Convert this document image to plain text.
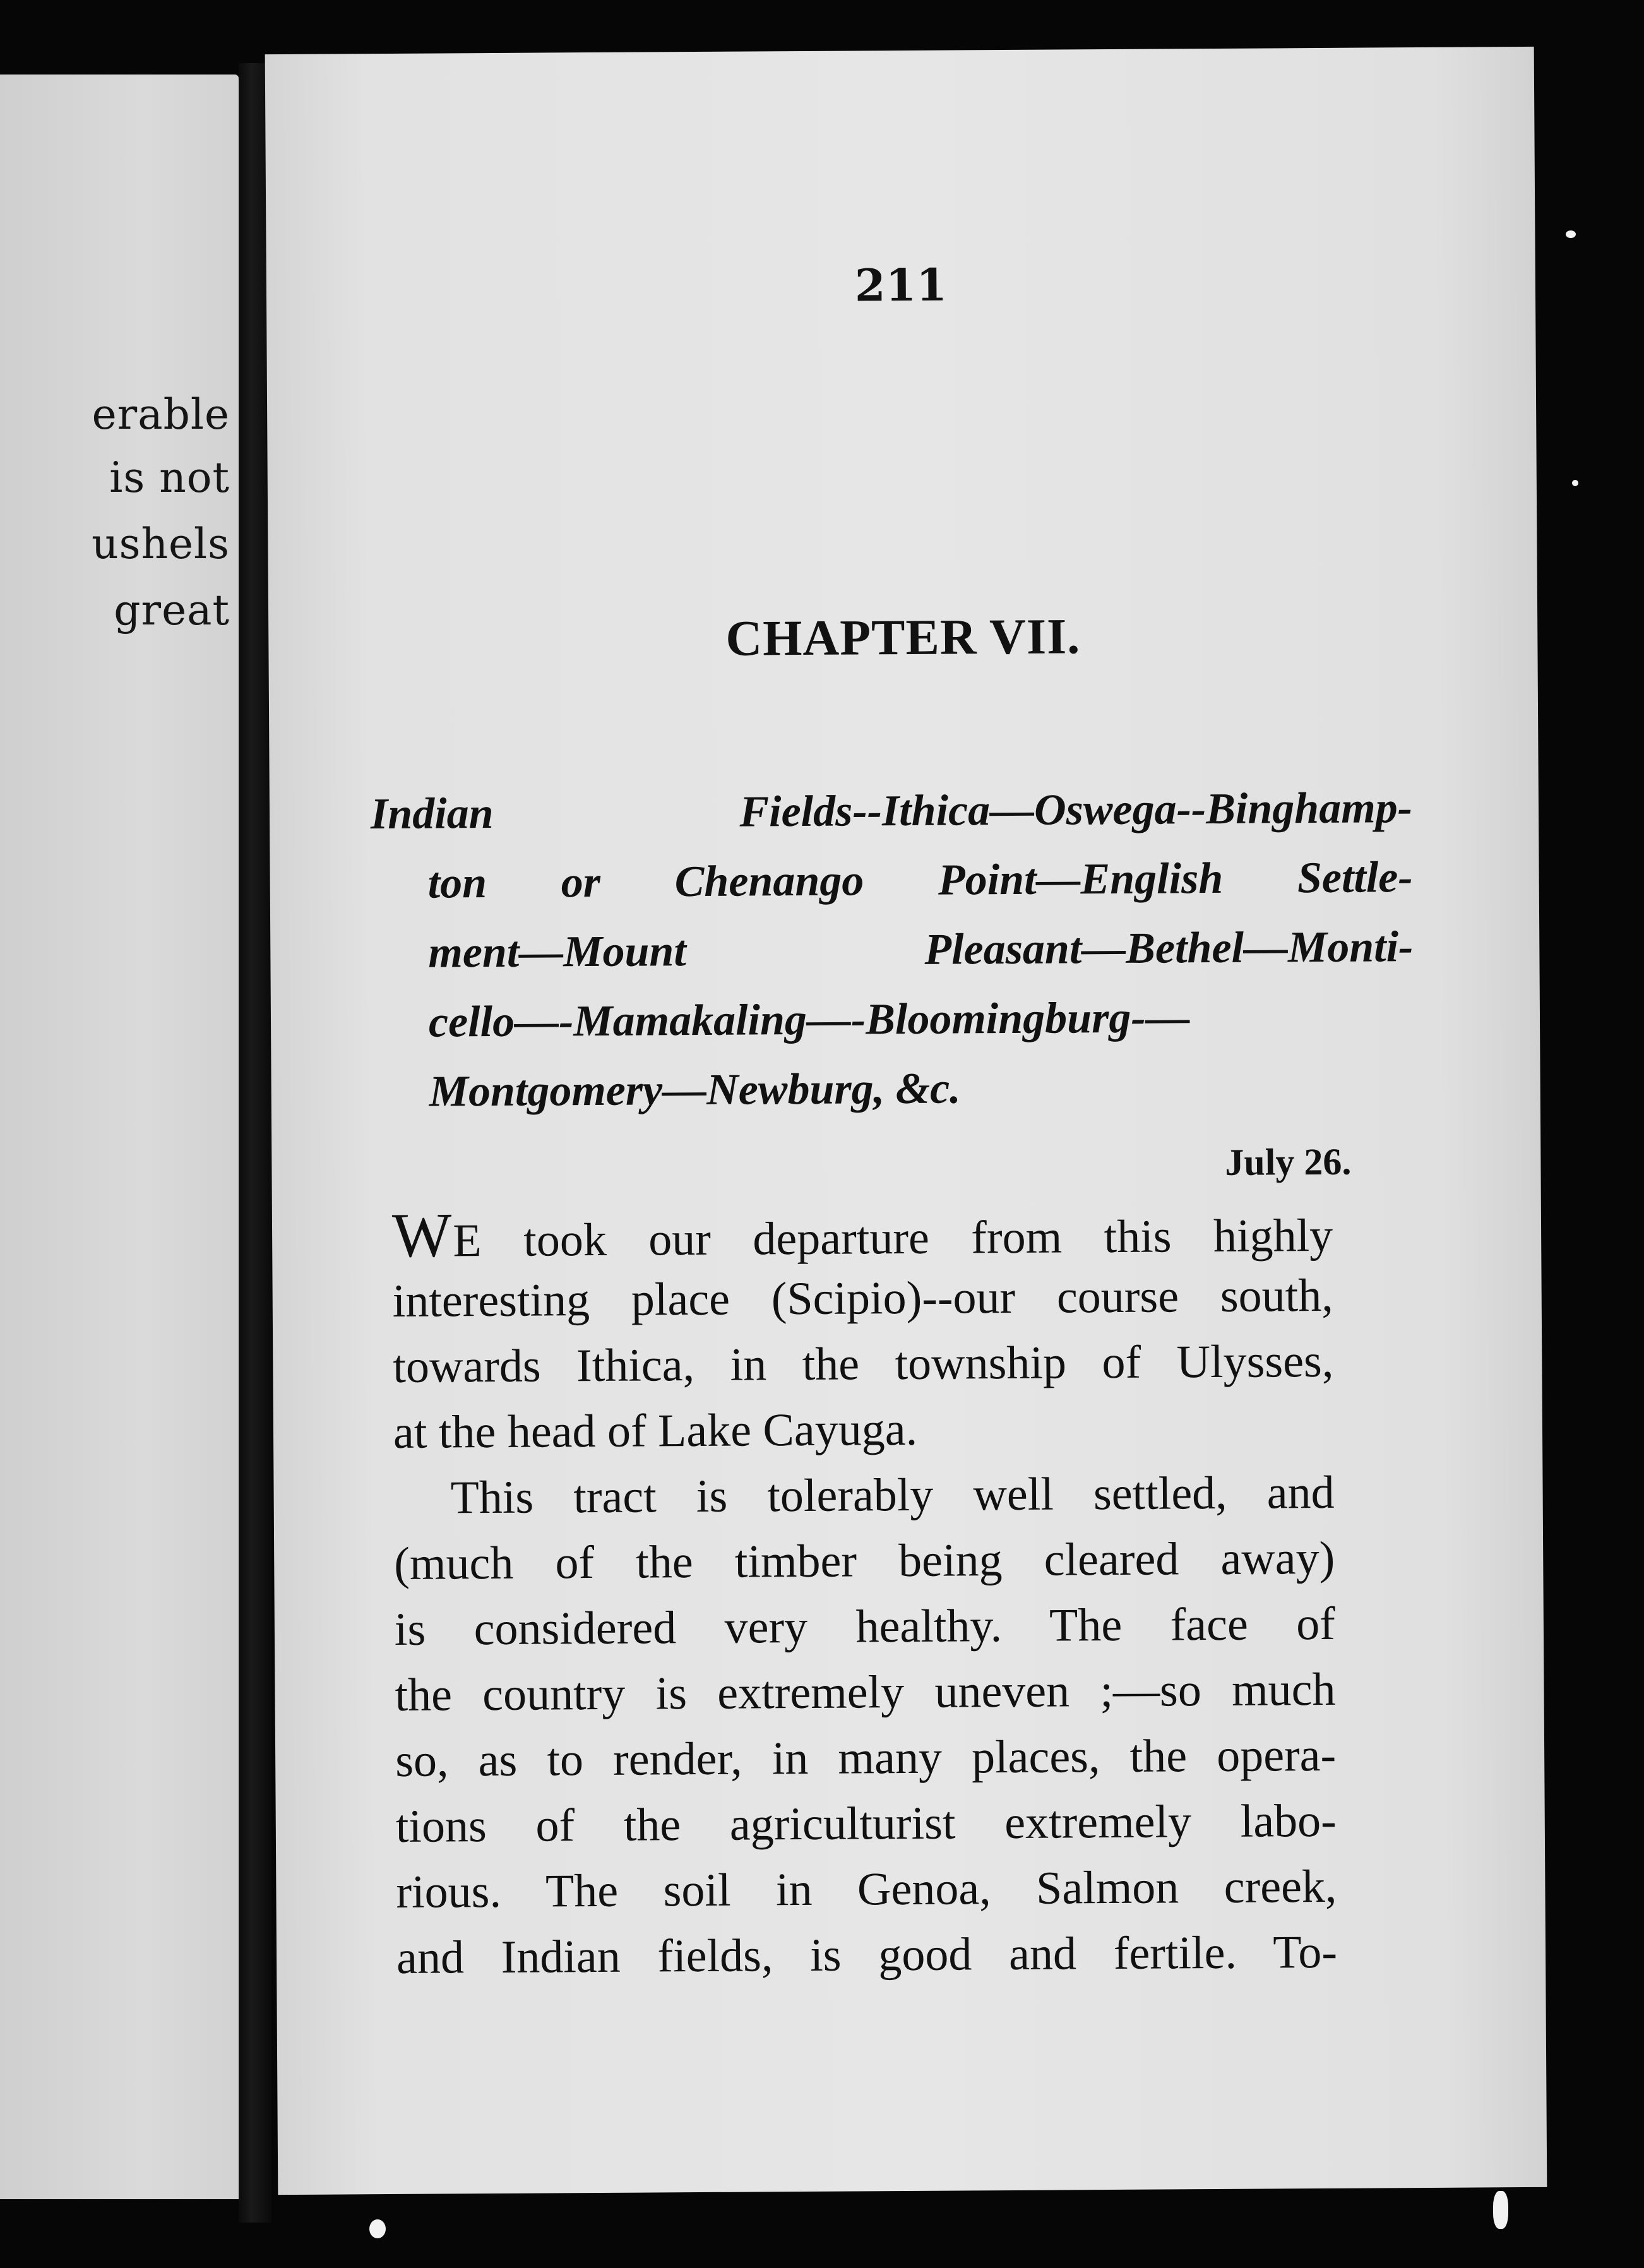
erable
is not
ushels
great
211
CHAPTER VII.
Indian Fields--Ithica—Oswega--Binghamp-
ton or Chenango Point—English Settle-
ment—Mount Pleasant—Bethel—Monti-
cello—-Mamakaling—-Bloomingburg-—
Montgomery—Newburg, &c.
July 26.
WE took our departure from this highly
interesting place (Scipio)--our course south,
towards Ithica, in the township of Ulysses,
at the head of Lake Cayuga.
This tract is tolerably well settled, and
(much of the timber being cleared away)
is considered very healthy. The face of
the country is extremely uneven ;—so much
so, as to render, in many places, the opera-
tions of the agriculturist extremely labo-
rious. The soil in Genoa, Salmon creek,
and Indian fields, is good and fertile. To-
